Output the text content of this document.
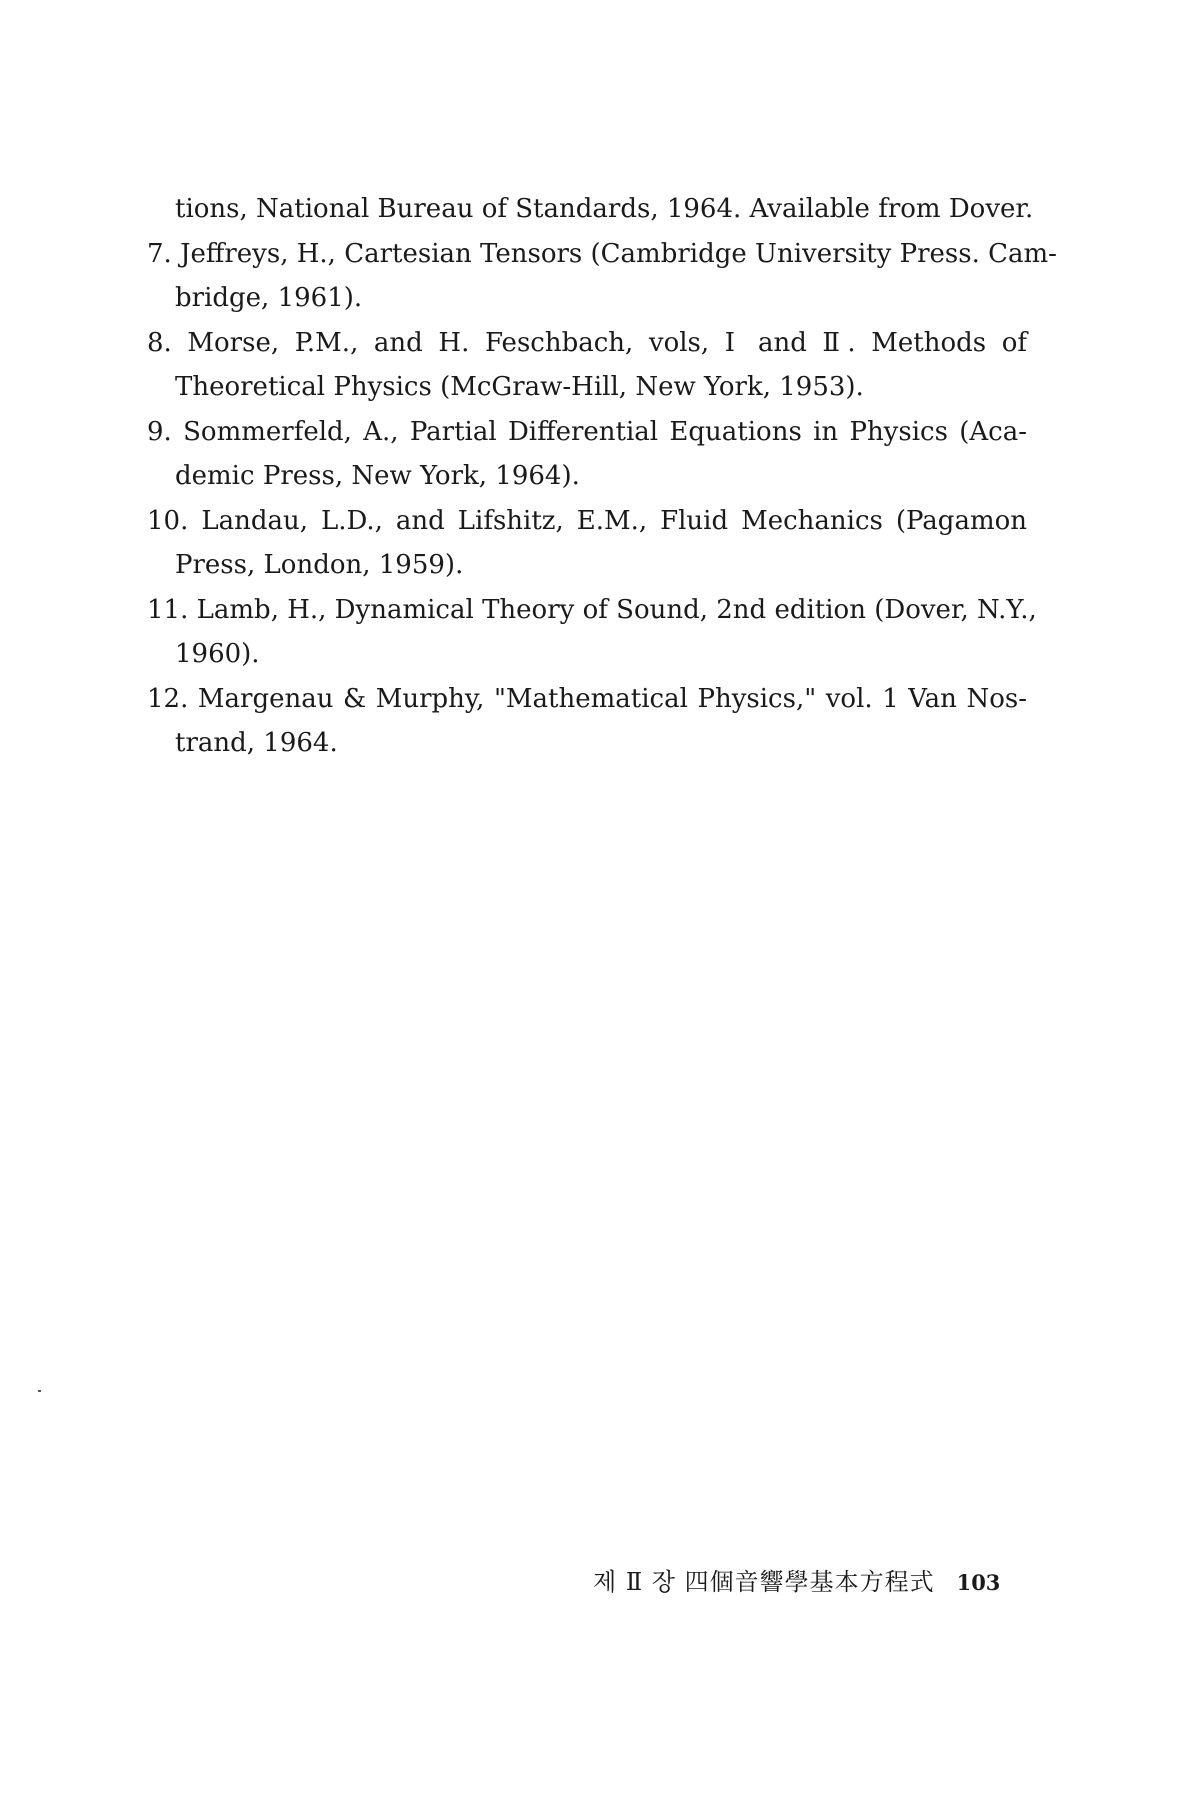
tions, National Bureau of Standards, 1964. Available from Dover.
7. Jeffreys, H., Cartesian Tensors (Cambridge University Press. Cam-
bridge, 1961).
8. Morse, P.M., and H. Feschbach, vols, Ⅰ and Ⅱ. Methods of
Theoretical Physics (McGraw-Hill, New York, 1953).
9. Sommerfeld, A., Partial Differential Equations in Physics (Aca-
demic Press, New York, 1964).
10. Landau, L.D., and Lifshitz, E.M., Fluid Mechanics (Pagamon
Press, London, 1959).
11. Lamb, H., Dynamical Theory of Sound, 2nd edition (Dover, N.Y.,
1960).
12. Margenau & Murphy, "Mathematical Physics," vol. 1 Van Nos-
trand, 1964.
제 Ⅱ 장 四個音響學基本方程式 103
